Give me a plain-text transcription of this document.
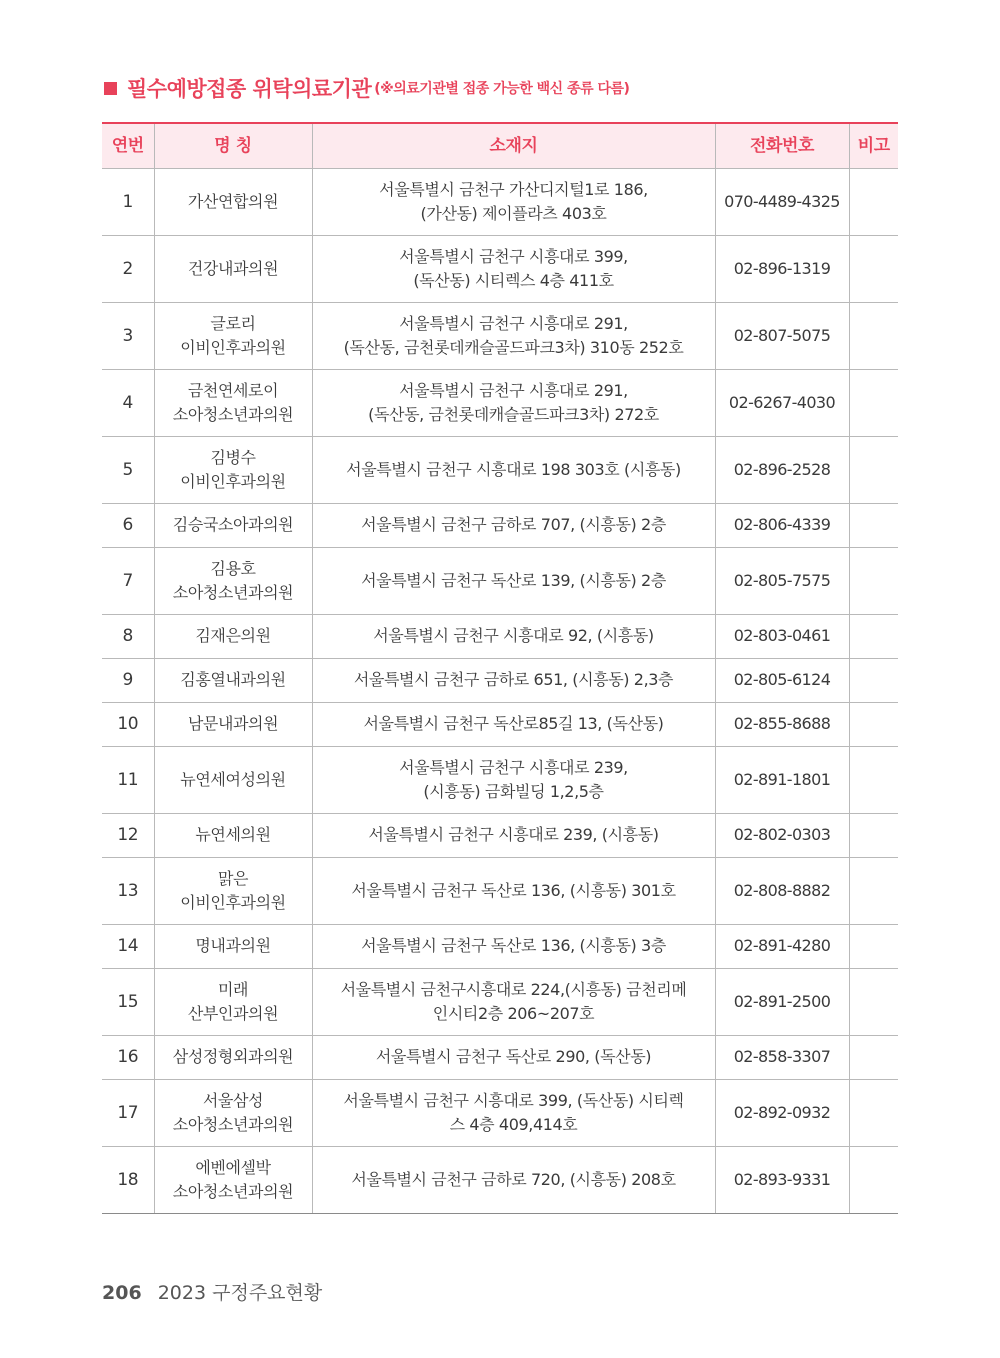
필수예방접종 위탁의료기관 (※의료기관별 접종 가능한 백신 종류 다름)
연번	명 칭	소재지	전화번호	비고
1	가산연합의원	서울특별시 금천구 가산디지털1로 186,
(가산동) 제이플라츠 403호	070-4489-4325	
2	건강내과의원	서울특별시 금천구 시흥대로 399,
(독산동) 시티렉스 4층 411호	02-896-1319	
3	글로리
이비인후과의원	서울특별시 금천구 시흥대로 291,
(독산동, 금천롯데캐슬골드파크3차) 310동 252호	02-807-5075	
4	금천연세로이
소아청소년과의원	서울특별시 금천구 시흥대로 291,
(독산동, 금천롯데캐슬골드파크3차) 272호	02-6267-4030	
5	김병수
이비인후과의원	서울특별시 금천구 시흥대로 198 303호 (시흥동)	02-896-2528	
6	김승국소아과의원	서울특별시 금천구 금하로 707, (시흥동) 2층	02-806-4339	
7	김용호
소아청소년과의원	서울특별시 금천구 독산로 139, (시흥동) 2층	02-805-7575	
8	김재은의원	서울특별시 금천구 시흥대로 92, (시흥동)	02-803-0461	
9	김홍열내과의원	서울특별시 금천구 금하로 651, (시흥동) 2,3층	02-805-6124	
10	남문내과의원	서울특별시 금천구 독산로85길 13, (독산동)	02-855-8688	
11	뉴연세여성의원	서울특별시 금천구 시흥대로 239,
(시흥동) 금화빌딩 1,2,5층	02-891-1801	
12	뉴연세의원	서울특별시 금천구 시흥대로 239, (시흥동)	02-802-0303	
13	맑은
이비인후과의원	서울특별시 금천구 독산로 136, (시흥동) 301호	02-808-8882	
14	명내과의원	서울특별시 금천구 독산로 136, (시흥동) 3층	02-891-4280	
15	미래
산부인과의원	서울특별시 금천구시흥대로 224,(시흥동) 금천리메
인시티2층 206~207호	02-891-2500	
16	삼성정형외과의원	서울특별시 금천구 독산로 290, (독산동)	02-858-3307	
17	서울삼성
소아청소년과의원	서울특별시 금천구 시흥대로 399, (독산동) 시티렉
스 4층 409,414호	02-892-0932	
18	에벤에셀박
소아청소년과의원	서울특별시 금천구 금하로 720, (시흥동) 208호	02-893-9331	
206 2023 구정주요현황
